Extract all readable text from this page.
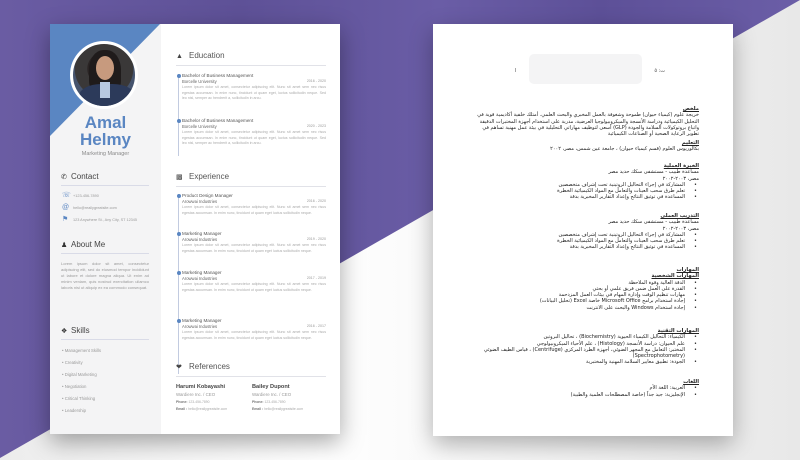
Amal
Helmy
Marketing Manager
✆ Contact
☏ +123-456-7890
@ hello@reallygreatsite.com
⚑ 123 Anywhere St., Any City, ST 12345
♟ About Me
Lorem ipsum dolor sit amet, consectetur adipiscing elit, sed do eiusmod tempor incididunt ut labore et dolore magna aliqua. Ut enim ad minim veniam, quis nostrud exercitation ullamco laboris nisi ut aliquip ex ea commodo consequat.
❖ Skills
• Management Skills
• Creativity
• Digital Marketing
• Negotiation
• Critical Thinking
• Leadership
▲ Education
Bachelor of Business Management
Borcelle University	2016 - 2020
Lorem ipsum dolor sit amet, consectetur adipiscing elit. Nunc sit amet sem nec risus egestas accumsan. In enim nunc, tincidunt ut quam eget, luctus sollicitudin neque. Sed leo nisl, semper ac hendrerit a, sollicitudin in arcu.
Bachelor of Business Management
Borcelle University	2020 - 2023
Lorem ipsum dolor sit amet, consectetur adipiscing elit. Nunc sit amet sem nec risus egestas accumsan. In enim nunc, tincidunt ut quam eget, luctus sollicitudin neque. Sed leo nisl, semper ac hendrerit a, sollicitudin in arcu.
▩ Experience
Product Design Manager
Arowwai Industries	2016 - 2020
Lorem ipsum dolor sit amet, consectetur adipiscing elit. Nunc sit amet sem nec risus egestas accumsan. In enim nunc, tincidunt ut quam eget luctus sollicitudin neque.
Marketing Manager
Arowwai Industries	2019 - 2020
Lorem ipsum dolor sit amet, consectetur adipiscing elit. Nunc sit amet sem nec risus egestas accumsan. In enim nunc, tincidunt ut quam eget luctus sollicitudin neque.
Marketing Manager
Arowwai Industries	2017 - 2019
Lorem ipsum dolor sit amet, consectetur adipiscing elit. Nunc sit amet sem nec risus egestas accumsan. In enim nunc, tincidunt ut quam eget luctus sollicitudin neque.
Marketing Manager
Arowwai Industries	2016 - 2017
Lorem ipsum dolor sit amet, consectetur adipiscing elit. Nunc sit amet sem nec risus egestas accumsan. In enim nunc, tincidunt ut quam eget luctus sollicitudin neque.
❤ References
Harumi Kobayashi
Wardiere Inc. / CEO
Phone: 123-456-7890
Email : hello@reallygreatsite.com
Bailey Dupont
Wardiere Inc. / CEO
Phone: 123-456-7890
Email : hello@reallygreatsite.com
ت: ٥
ا
ملخص
خريجة علوم (كيمياء حيوان) طموحة وشغوفة بالعمل المخبري والبحث العلمي. أمتلك خلفية أكاديمية قوية في التحليل الكيميائية ودراسة الأنسجة والميكروبيولوجيا العرضية، مدربة على استخدام أجهزة المختبرات الدقيقة واتباع بروتوكولات السلامة والجودة (GLP) أسعى لتوظيف مهاراتي التحليلية في بيئة عمل مهنية تساهم في تطوير الرعاية الصحية أو الصناعات الكيميائية
التعليم
بكالوريوس العلوم (قسم كيمياء حيوان) ، جامعة عين شمس، مصر، ٢٠٠٢
الخبرة العملية
مساعدة طبيب - مستشفى سكك حديد مصر
مصر، ٢٠٠٣-٢٠٠٢
• المشاركة في إجراء التحاليل الروتينية تحت إشراف متخصصين
• تعلم طرق سحب العينات والتعامل مع المواد الكيميائية الخطرة
• المساعدة في توثيق النتائج وإعداد التقارير المخبرية بدقة
التدريب العملي
مساعدة طبيب - مستشفى سكك حديد مصر
مصر، ٢٠٠٣-٢٠٠٢
• المشاركة في إجراء التحاليل الروتينية تحت إشراف متخصصين
• تعلم طرق سحب العينات والتعامل مع المواد الكيميائية الخطرة
• المساعدة في توثيق النتائج وإعداد التقارير المخبرية بدقة
المهارات
المهارات الشخصية
• الدقة العالية وقوة الملاحظة
• القدرة على العمل ضمن فريق علمي أو بحثي
• مهارات تنظيم الوقت وإدارة المهام في بيئات العمل المزدحمة
• إجادة استخدام برامج Microsoft Office خاصة Excel (تحليل البيانات)
• إجادة استخدام Windows والبحث على الانترنت
المهارات التقنية
• الكيمياء: التحاليل الكيمياء الحيوية (Biochemistry) ، تحاليل البروتين
• علم الحيوان: دراسة الأنسجة (Histology) ، علم الأحياء الميكروبيولوجي
• المختبر: التعامل مع المجهر الضوئي، أجهزة الطرد المركزي (Centrifuge) ، قياس الطيف الضوئي (Spectrophotometry)
• الجودة: تطبيق معايير السلامة المهنية والمختبرية
اللغات
• العربية: اللغة الأم
• الإنجليزية: جيد جداً (خاصة المصطلحات العلمية والطبية)
